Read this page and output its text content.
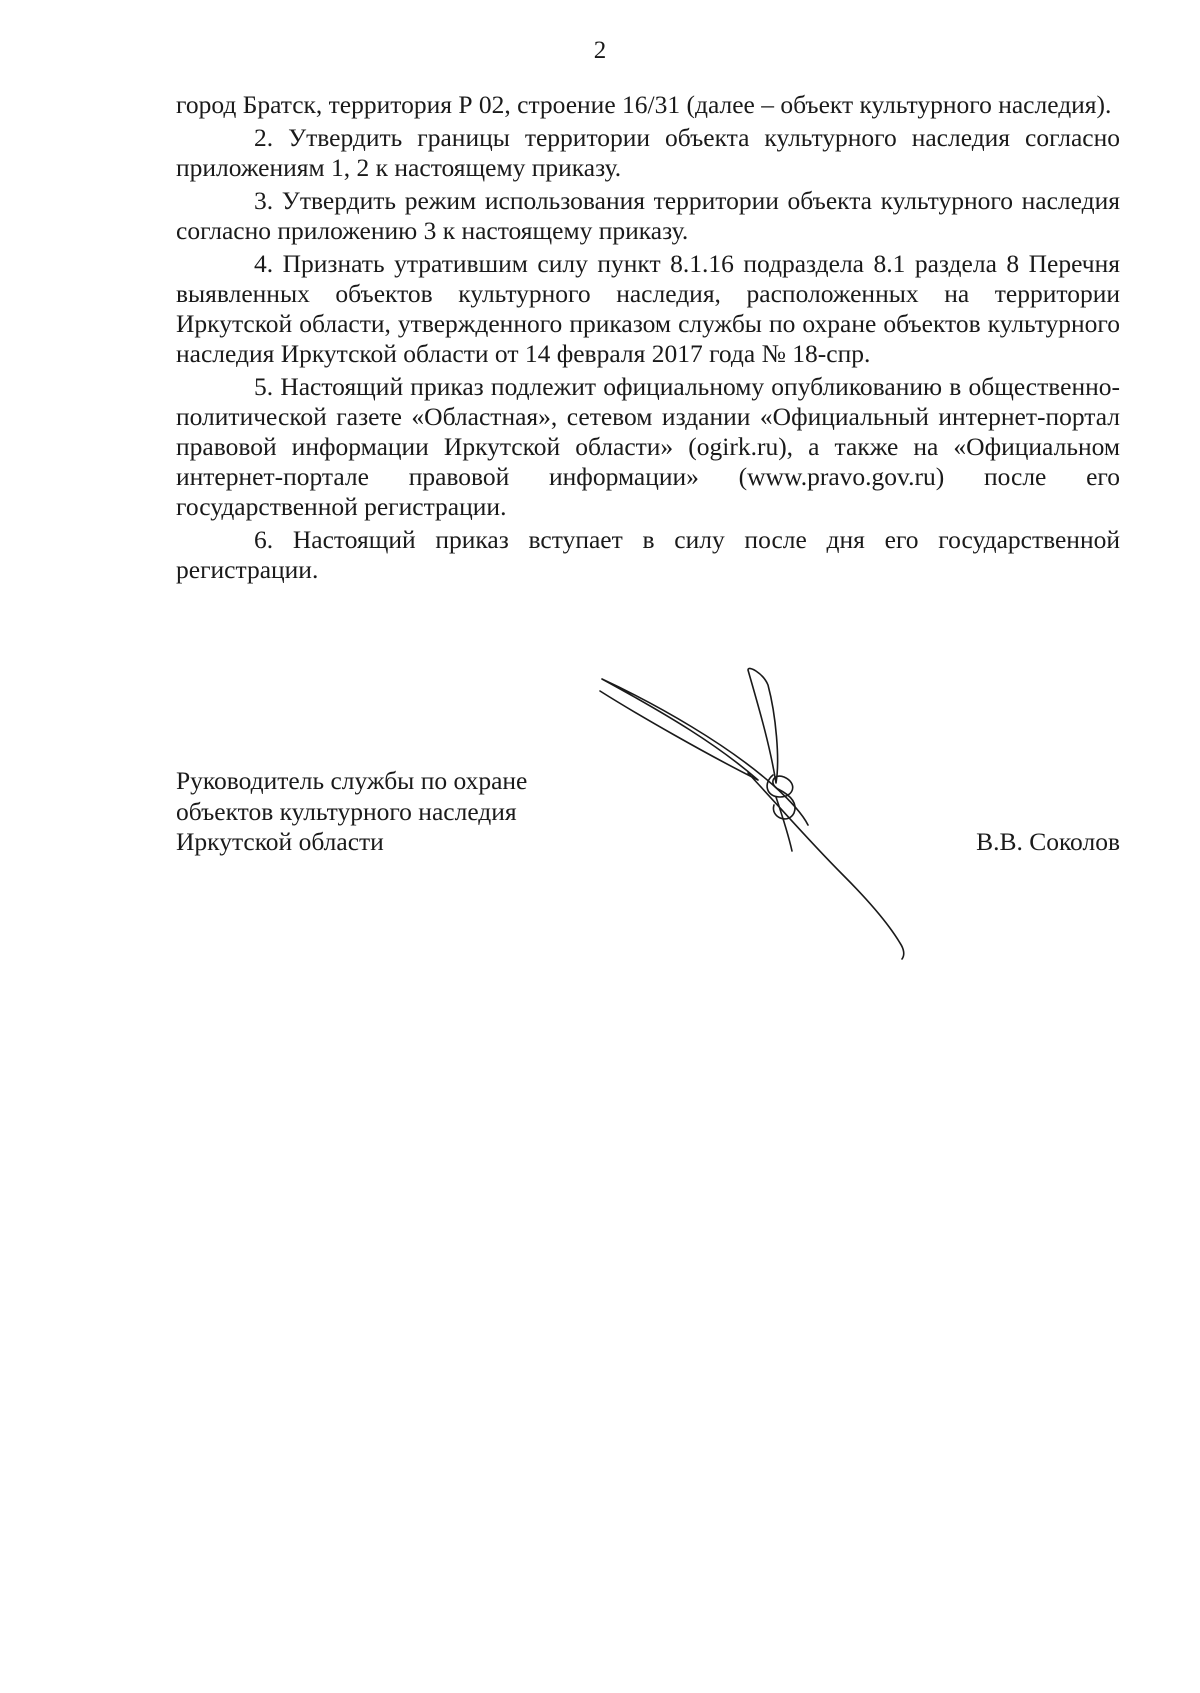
2

город Братск, территория Р 02, строение 16/31 (далее – объект культурного наследия).

2. Утвердить границы территории объекта культурного наследия согласно приложениям 1, 2 к настоящему приказу.

3. Утвердить режим использования территории объекта культурного наследия согласно приложению 3 к настоящему приказу.

4. Признать утратившим силу пункт 8.1.16 подраздела 8.1 раздела 8 Перечня выявленных объектов культурного наследия, расположенных на территории Иркутской области, утвержденного приказом службы по охране объектов культурного наследия Иркутской области от 14 февраля 2017 года № 18-спр.

5. Настоящий приказ подлежит официальному опубликованию в общественно-политической газете «Областная», сетевом издании «Официальный интернет-портал правовой информации Иркутской области» (ogirk.ru), а также на «Официальном интернет-портале правовой информации» (www.pravo.gov.ru) после его государственной регистрации.

6. Настоящий приказ вступает в силу после дня его государственной регистрации.

Руководитель службы по охране
объектов культурного наследия
Иркутской области	В.В. Соколов
